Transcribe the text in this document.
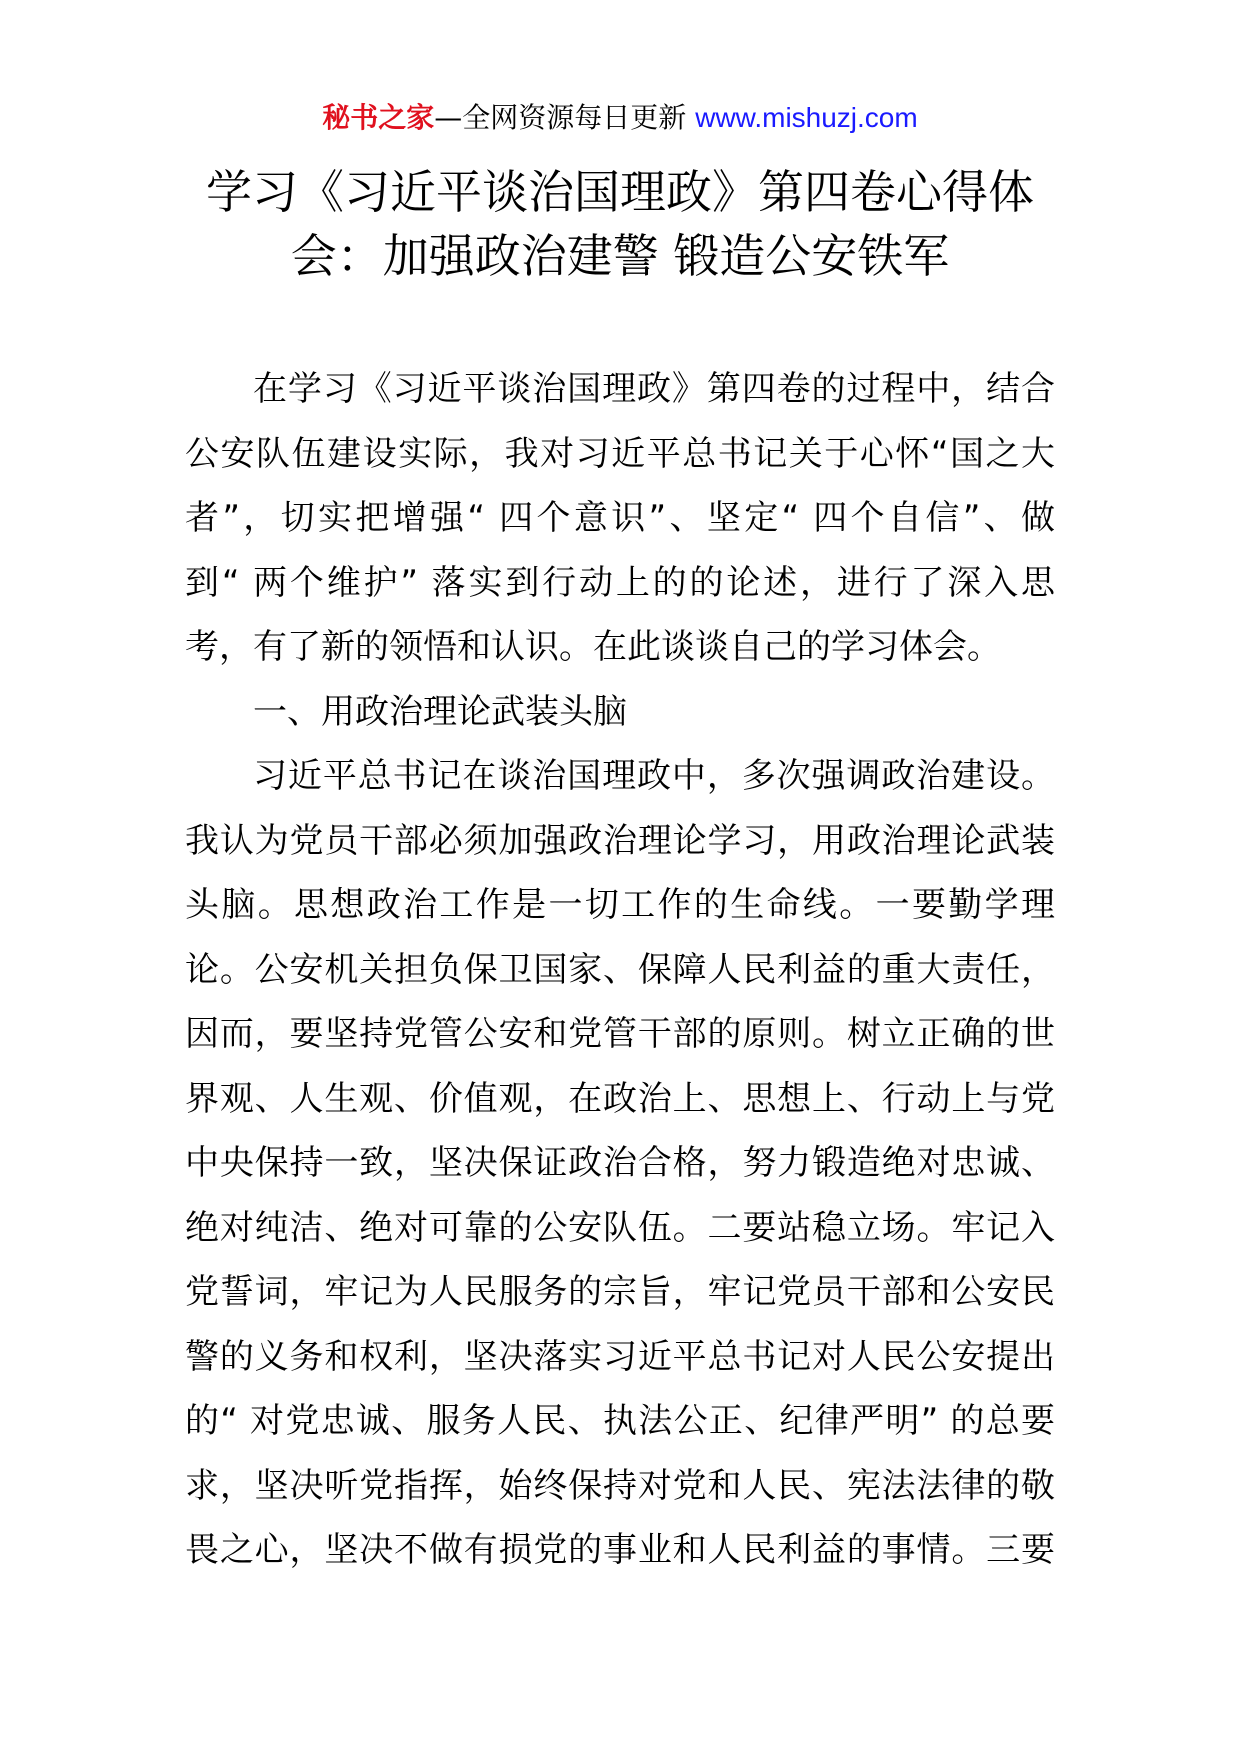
秘书之家—全网资源每日更新 www.mishuzj.com
学习《习近平谈治国理政》第四卷心得体
会：加强政治建警 锻造公安铁军
在学习《习近平谈治国理政》第四卷的过程中，结合
公安队伍建设实际，我对习近平总书记关于心怀“国之大
者”，切实把增强“ 四个意识”、坚定“ 四个自信”、做
到“ 两个维护” 落实到行动上的的论述，进行了深入思
考，有了新的领悟和认识。在此谈谈自己的学习体会。
一、用政治理论武装头脑
习近平总书记在谈治国理政中，多次强调政治建设。
我认为党员干部必须加强政治理论学习，用政治理论武装
头脑。思想政治工作是一切工作的生命线。一要勤学理
论。公安机关担负保卫国家、保障人民利益的重大责任，
因而，要坚持党管公安和党管干部的原则。树立正确的世
界观、人生观、价值观，在政治上、思想上、行动上与党
中央保持一致，坚决保证政治合格，努力锻造绝对忠诚、
绝对纯洁、绝对可靠的公安队伍。二要站稳立场。牢记入
党誓词，牢记为人民服务的宗旨，牢记党员干部和公安民
警的义务和权利，坚决落实习近平总书记对人民公安提出
的“ 对党忠诚、服务人民、执法公正、纪律严明” 的总要
求，坚决听党指挥，始终保持对党和人民、宪法法律的敬
畏之心，坚决不做有损党的事业和人民利益的事情。三要
